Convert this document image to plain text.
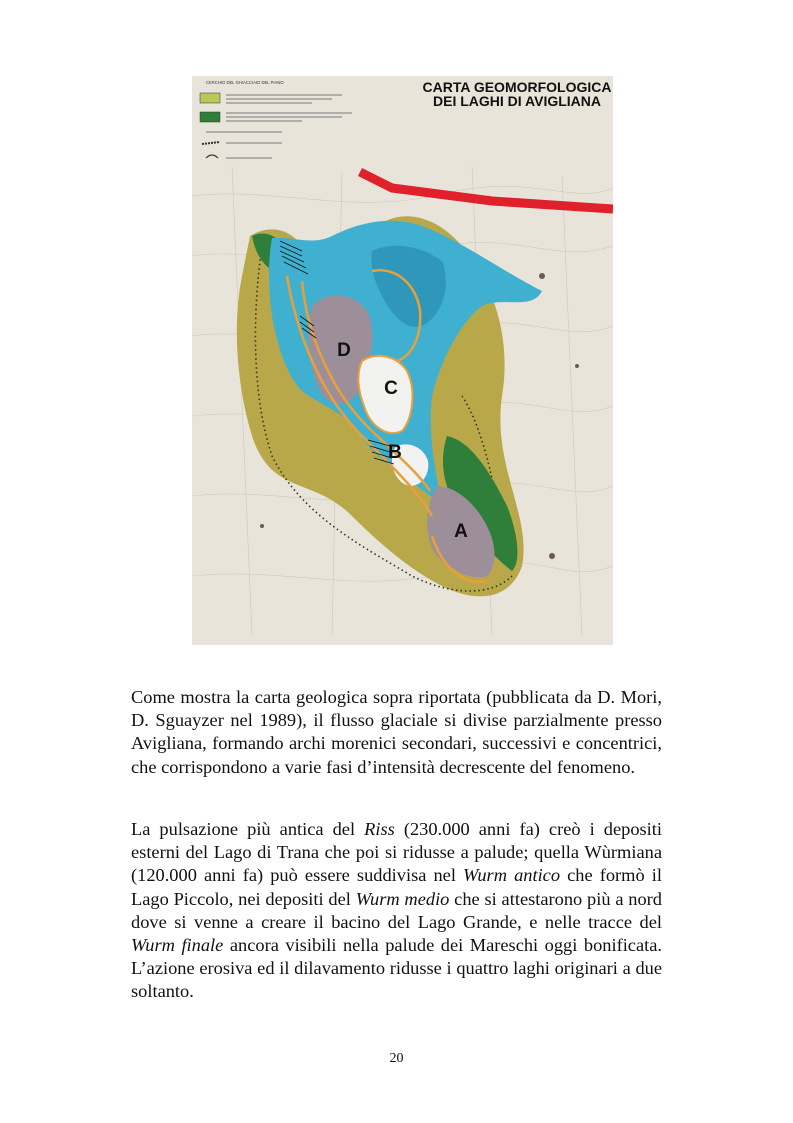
CERCHIO DEL GHIACCIAIO DEL PIANO	CARTA GEOMORFOLOGICA
DEI LAGHI DI AVIGLIANA
D
C
B
A

Come mostra la carta geologica sopra riportata (pubblicata da D. Mori, D. Sguayzer nel 1989), il flusso glaciale si divise parzialmente presso Avigliana, formando archi morenici secondari, successivi e concentrici, che corrispondono a varie fasi d’intensità decrescente del fenomeno.

La pulsazione più antica del Riss (230.000 anni fa) creò i depositi esterni del Lago di Trana che poi si ridusse a palude; quella Wùrmiana (120.000 anni fa) può essere suddivisa nel Wurm antico che formò il Lago Piccolo, nei depositi del Wurm medio che si attestarono più a nord dove si venne a creare il bacino del Lago Grande, e nelle tracce del Wurm finale ancora visibili nella palude dei Mareschi oggi bonificata. L’azione erosiva ed il dilavamento ridusse i quattro laghi originari a due soltanto.

20
